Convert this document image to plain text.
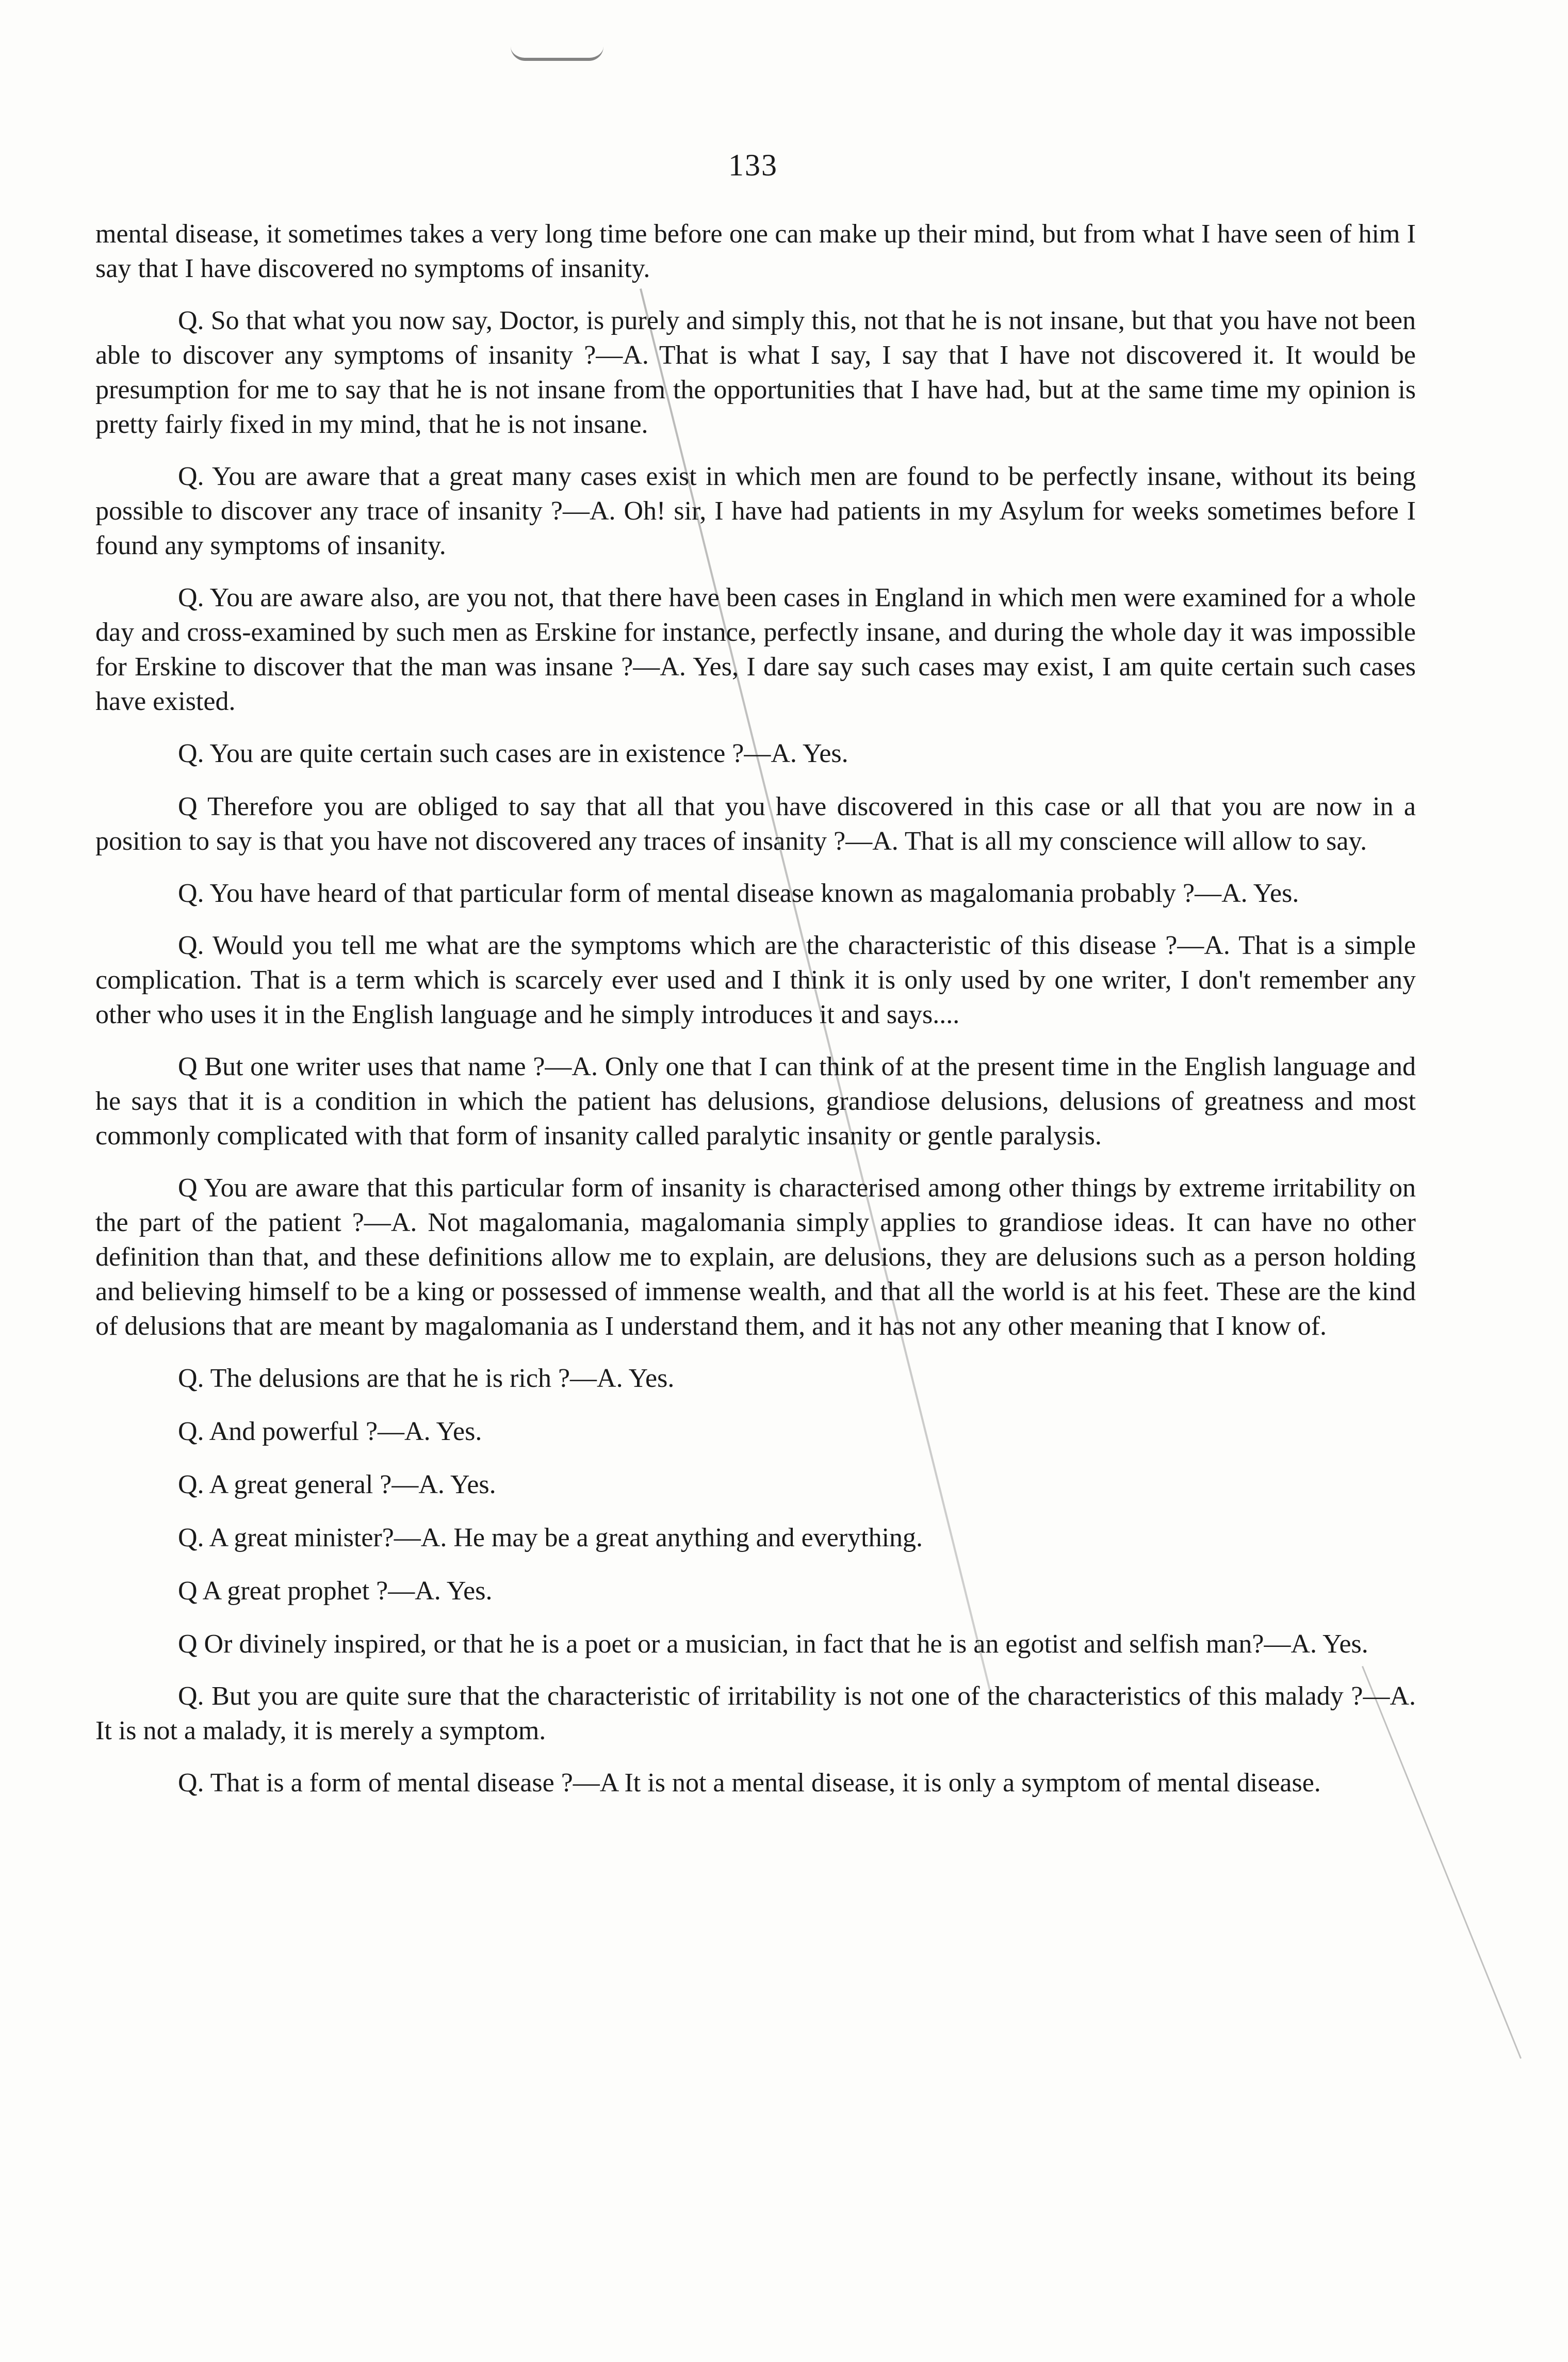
133

mental disease, it sometimes takes a very long time before one can make up their mind, but from what I have seen of him I say that I have discovered no symptoms of insanity.

Q. So that what you now say, Doctor, is purely and simply this, not that he is not insane, but that you have not been able to discover any symptoms of insanity ?—A. That is what I say, I say that I have not discovered it. It would be presumption for me to say that he is not insane from the opportunities that I have had, but at the same time my opinion is pretty fairly fixed in my mind, that he is not insane.

Q. You are aware that a great many cases exist in which men are found to be perfectly insane, without its being possible to discover any trace of insanity ?—A. Oh! sir, I have had patients in my Asylum for weeks sometimes before I found any symptoms of insanity.

Q. You are aware also, are you not, that there have been cases in England in which men were examined for a whole day and cross-examined by such men as Erskine for instance, perfectly insane, and during the whole day it was impossible for Erskine to discover that the man was insane ?—A. Yes, I dare say such cases may exist, I am quite certain such cases have existed.

Q. You are quite certain such cases are in existence ?—A. Yes.

Q Therefore you are obliged to say that all that you have discovered in this case or all that you are now in a position to say is that you have not discovered any traces of insanity ?—A. That is all my conscience will allow to say.

Q. You have heard of that particular form of mental disease known as magalomania probably ?—A. Yes.

Q. Would you tell me what are the symptoms which are the characteristic of this disease ?—A. That is a simple complication. That is a term which is scarcely ever used and I think it is only used by one writer, I don't remember any other who uses it in the English language and he simply introduces it and says....

Q But one writer uses that name ?—A. Only one that I can think of at the present time in the English language and he says that it is a condition in which the patient has delusions, grandiose delusions, delusions of greatness and most commonly complicated with that form of insanity called paralytic insanity or gentle paralysis.

Q You are aware that this particular form of insanity is characterised among other things by extreme irritability on the part of the patient ?—A. Not magalomania, magalomania simply applies to grandiose ideas. It can have no other definition than that, and these definitions allow me to explain, are delusions, they are delusions such as a person holding and believing himself to be a king or possessed of immense wealth, and that all the world is at his feet. These are the kind of delusions that are meant by magalomania as I understand them, and it has not any other meaning that I know of.

Q. The delusions are that he is rich ?—A. Yes.

Q. And powerful ?—A. Yes.

Q. A great general ?—A. Yes.

Q. A great minister?—A. He may be a great anything and everything.

Q A great prophet ?—A. Yes.

Q Or divinely inspired, or that he is a poet or a musician, in fact that he is an egotist and selfish man?—A. Yes.

Q. But you are quite sure that the characteristic of irritability is not one of the characteristics of this malady ?—A. It is not a malady, it is merely a symptom.

Q. That is a form of mental disease ?—A It is not a mental disease, it is only a symptom of mental disease.
